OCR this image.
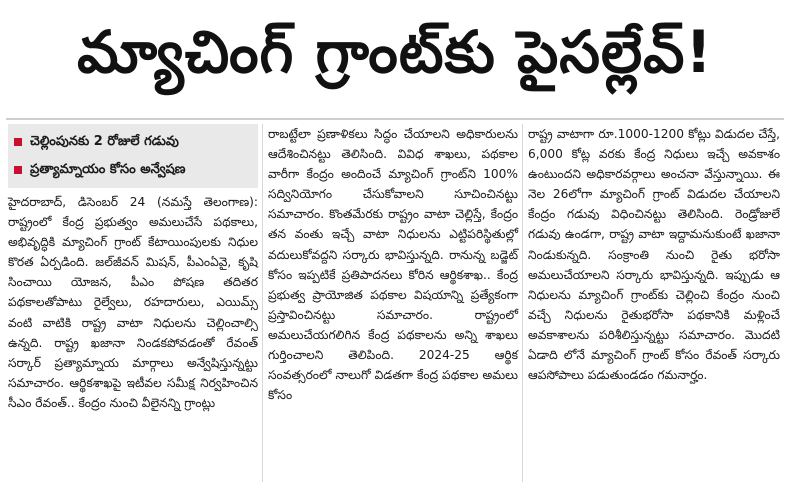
మ్యాచింగ్ గ్రాంట్‌కు పైసల్లేవ్!
చెల్లింపునకు 2 రోజులే గడువు
ప్రత్యామ్నాయం కోసం అన్వేషణ

హైదరాబాద్, డిసెంబర్ 24 (నమస్తే తెలంగాణ): రాష్ట్రంలో కేంద్ర ప్రభుత్వం అమలుచేసే పథకాలు, అభివృద్ధికి మ్యాచింగ్ గ్రాంట్ కేటాయింపులకు నిధుల కొరత ఏర్పడింది. జల్‌జీవన్ మిషన్, పీఎంఏవై, కృషి సించాయి యోజన, పీఎం పోషణ తదితర పథకాలతోపాటు రైల్వేలు, రహదారులు, ఎయిమ్స్ వంటి వాటికి రాష్ట్ర వాటా నిధులను చెల్లించాల్సి ఉన్నది. రాష్ట్ర ఖజానా నిండకపోవడంతో రేవంత్ సర్కార్ ప్రత్యామ్నాయ మార్గాలు అన్వేషిస్తున్నట్టు సమాచారం. ఆర్థికశాఖపై ఇటీవల సమీక్ష నిర్వహించిన సీఎం రేవంత్.. కేంద్రం నుంచి వీలైనన్ని గ్రాంట్లు

రాబట్టేలా ప్రణాళికలు సిద్ధం చేయాలని అధికారులను ఆదేశించినట్టు తెలిసింది. వివిధ శాఖలు, పథకాల వారీగా కేంద్రం అందించే మ్యాచింగ్ గ్రాంట్‌ని 100% సద్వినియోగం చేసుకోవాలని సూచించినట్టు సమాచారం. కొంతమేరకు రాష్ట్రం వాటా చెల్లిస్తే, కేంద్రం తన వంతు ఇచ్చే వాటా నిధులను ఎట్టిపరిస్థితుల్లో వదులుకోవద్దని సర్కారు భావిస్తున్నది. రానున్న బడ్జెట్ కోసం ఇప్పటికే ప్రతిపాదనలు కోరిన ఆర్థికశాఖ.. కేంద్ర ప్రభుత్వ ప్రాయోజిత పథకాల విషయాన్ని ప్రత్యేకంగా ప్రస్తావించినట్టు సమాచారం. రాష్ట్రంలో అమలుచేయగలిగిన కేంద్ర పథకాలను అన్ని శాఖలు గుర్తించాలని తెలిపింది. 2024-25 ఆర్థిక సంవత్సరంలో నాలుగో విడతగా కేంద్ర పథకాల అమలు కోసం

రాష్ట్ర వాటాగా రూ.1000-1200 కోట్లు విడుదల చేస్తే, 6,000 కోట్ల వరకు కేంద్ర నిధులు ఇచ్చే అవకాశం ఉంటుందని అధికారవర్గాలు అంచనా వేస్తున్నాయి. ఈ నెల 26లోగా మ్యాచింగ్ గ్రాంట్ విడుదల చేయాలని కేంద్రం గడువు విధించినట్టు తెలిసింది. రెండ్రోజులే గడువు ఉండగా, రాష్ట్ర వాటా ఇద్దామనుకుంటే ఖజానా నిండుకున్నది. సంక్రాంతి నుంచి రైతు భరోసా అమలుచేయాలని సర్కారు భావిస్తున్నది. ఇప్పుడు ఆ నిధులను మ్యాచింగ్ గ్రాంట్‌కు చెల్లించి కేంద్రం నుంచి వచ్చే నిధులను రైతుభరోసా పథకానికి మళ్లించే అవకాశాలను పరిశీలిస్తున్నట్టు సమాచారం. మొదటి ఏడాది లోనే మ్యాచింగ్ గ్రాంట్ కోసం రేవంత్ సర్కారు ఆపసోపాలు పడుతుండడం గమనార్హం.
